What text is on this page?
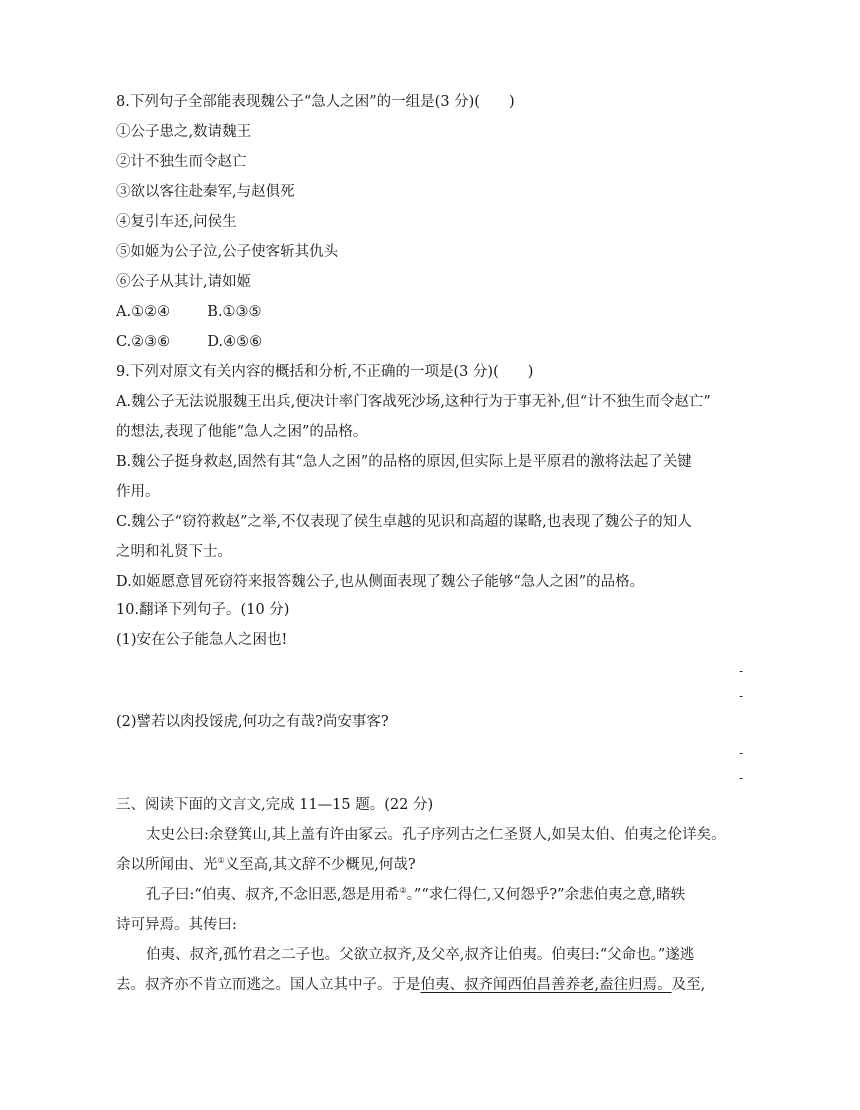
8.下列句子全部能表现魏公子“急人之困”的一组是(3 分)(　　)
①公子患之,数请魏王
②计不独生而令赵亡
③欲以客往赴秦军,与赵俱死
④复引车还,问侯生
⑤如姬为公子泣,公子使客斩其仇头
⑥公子从其计,请如姬
A.①②④	B.①③⑤
C.②③⑥	D.④⑤⑥
9.下列对原文有关内容的概括和分析,不正确的一项是(3 分)(　　)
A.魏公子无法说服魏王出兵,便决计率门客战死沙场,这种行为于事无补,但“计不独生而令赵亡”
的想法,表现了他能“急人之困”的品格。
B.魏公子挺身救赵,固然有其“急人之困”的品格的原因,但实际上是平原君的激将法起了关键
作用。
C.魏公子“窃符救赵”之举,不仅表现了侯生卓越的见识和高超的谋略,也表现了魏公子的知人
之明和礼贤下士。
D.如姬愿意冒死窃符来报答魏公子,也从侧面表现了魏公子能够“急人之困”的品格。
10.翻译下列句子。(10 分)
(1)安在公子能急人之困也!
-
-
(2)譬若以肉投馁虎,何功之有哉?尚安事客?
-
-
三、阅读下面的文言文,完成 11—15 题。(22 分)
太史公曰:余登箕山,其上盖有许由冢云。孔子序列古之仁圣贤人,如吴太伯、伯夷之伦详矣。
余以所闻由、光①义至高,其文辞不少概见,何哉?
孔子曰:“伯夷、叔齐,不念旧恶,怨是用希②。”“求仁得仁,又何怨乎?”余悲伯夷之意,睹轶
诗可异焉。其传曰:
伯夷、叔齐,孤竹君之二子也。父欲立叔齐,及父卒,叔齐让伯夷。伯夷曰:“父命也。”遂逃
去。叔齐亦不肯立而逃之。国人立其中子。于是伯夷、叔齐闻西伯昌善养老,盍往归焉。及至,
